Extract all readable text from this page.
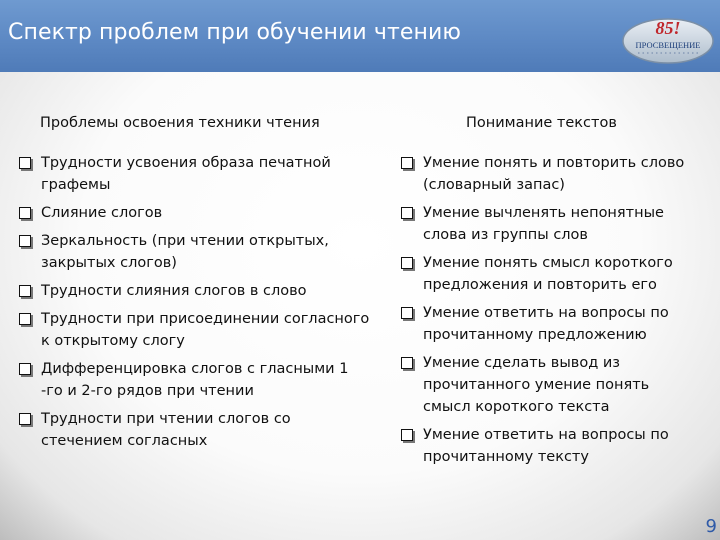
Спектр проблем при обучении чтению	85!
ПРОСВЕЩЕНИЕ
Проблемы освоения техники чтения	Понимание текстов
Трудности усвоения образа печатной графемы
Слияние слогов
Зеркальность (при чтении открытых, закрытых слогов)
Трудности слияния слогов в слово
Трудности при присоединении согласного к открытому слогу
Дифференцировка слогов с гласными 1 -го и 2-го рядов при чтении
Трудности при чтении слогов со стечением согласных
Умение понять и повторить слово (словарный запас)
Умение вычленять непонятные слова из группы слов
Умение понять смысл короткого предложения и повторить его
Умение ответить на вопросы по прочитанному предложению
Умение сделать вывод из прочитанного умение понять смысл короткого текста
Умение ответить на вопросы по прочитанному тексту
9
